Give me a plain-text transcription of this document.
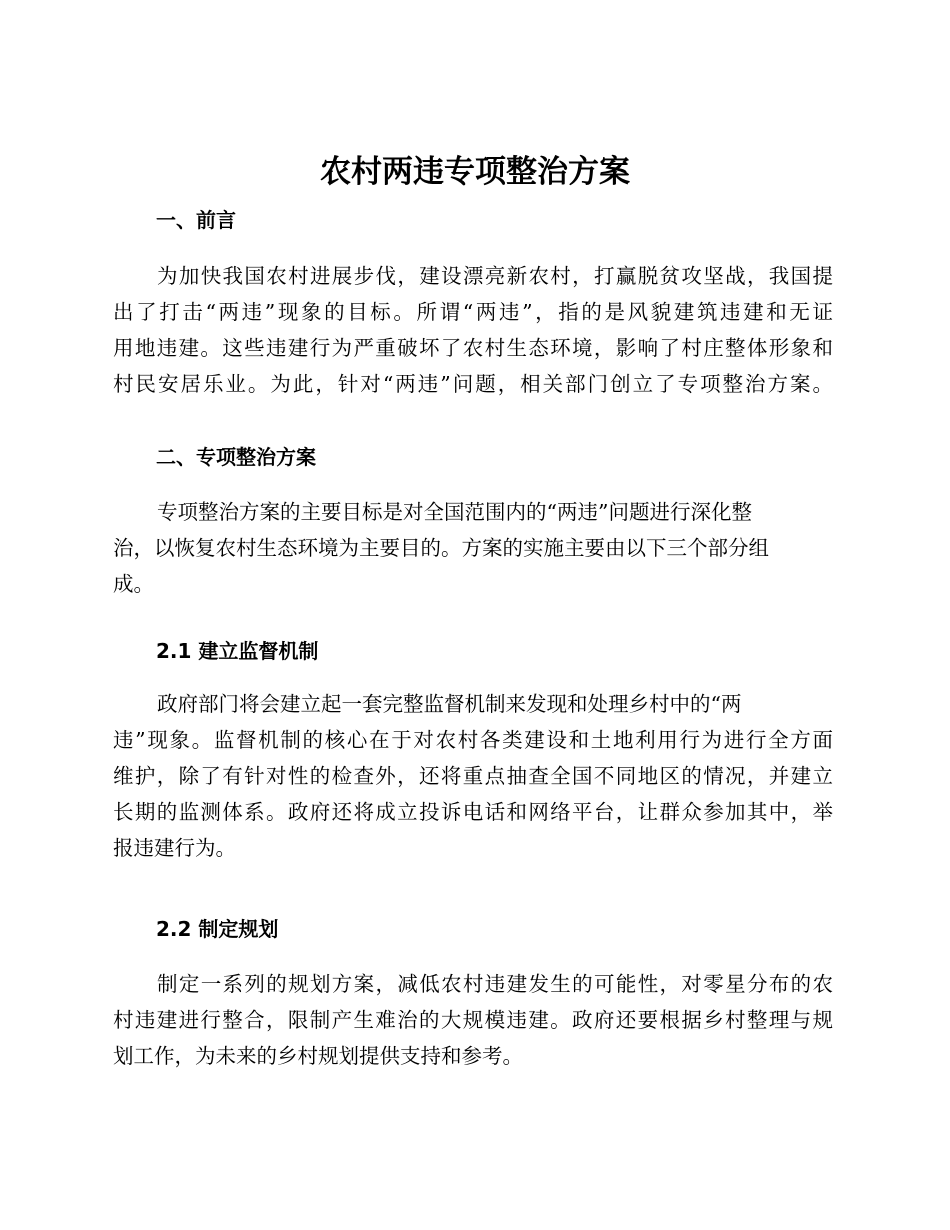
农村两违专项整治方案
一、前言
为加快我国农村进展步伐，建设漂亮新农村，打赢脱贫攻坚战，我国提
出了打击“两违”现象的目标。所谓“两违”，指的是风貌建筑违建和无证
用地违建。这些违建行为严重破坏了农村生态环境，影响了村庄整体形象和
村民安居乐业。为此，针对“两违”问题，相关部门创立了专项整治方案。
二、专项整治方案
专项整治方案的主要目标是对全国范围内的“两违”问题进行深化整
治，以恢复农村生态环境为主要目的。方案的实施主要由以下三个部分组
成。
2.1 建立监督机制
政府部门将会建立起一套完整监督机制来发现和处理乡村中的“两
违”现象。监督机制的核心在于对农村各类建设和土地利用行为进行全方面
维护，除了有针对性的检查外，还将重点抽查全国不同地区的情况，并建立
长期的监测体系。政府还将成立投诉电话和网络平台，让群众参加其中，举
报违建行为。
2.2 制定规划
制定一系列的规划方案，减低农村违建发生的可能性，对零星分布的农
村违建进行整合，限制产生难治的大规模违建。政府还要根据乡村整理与规
划工作，为未来的乡村规划提供支持和参考。
